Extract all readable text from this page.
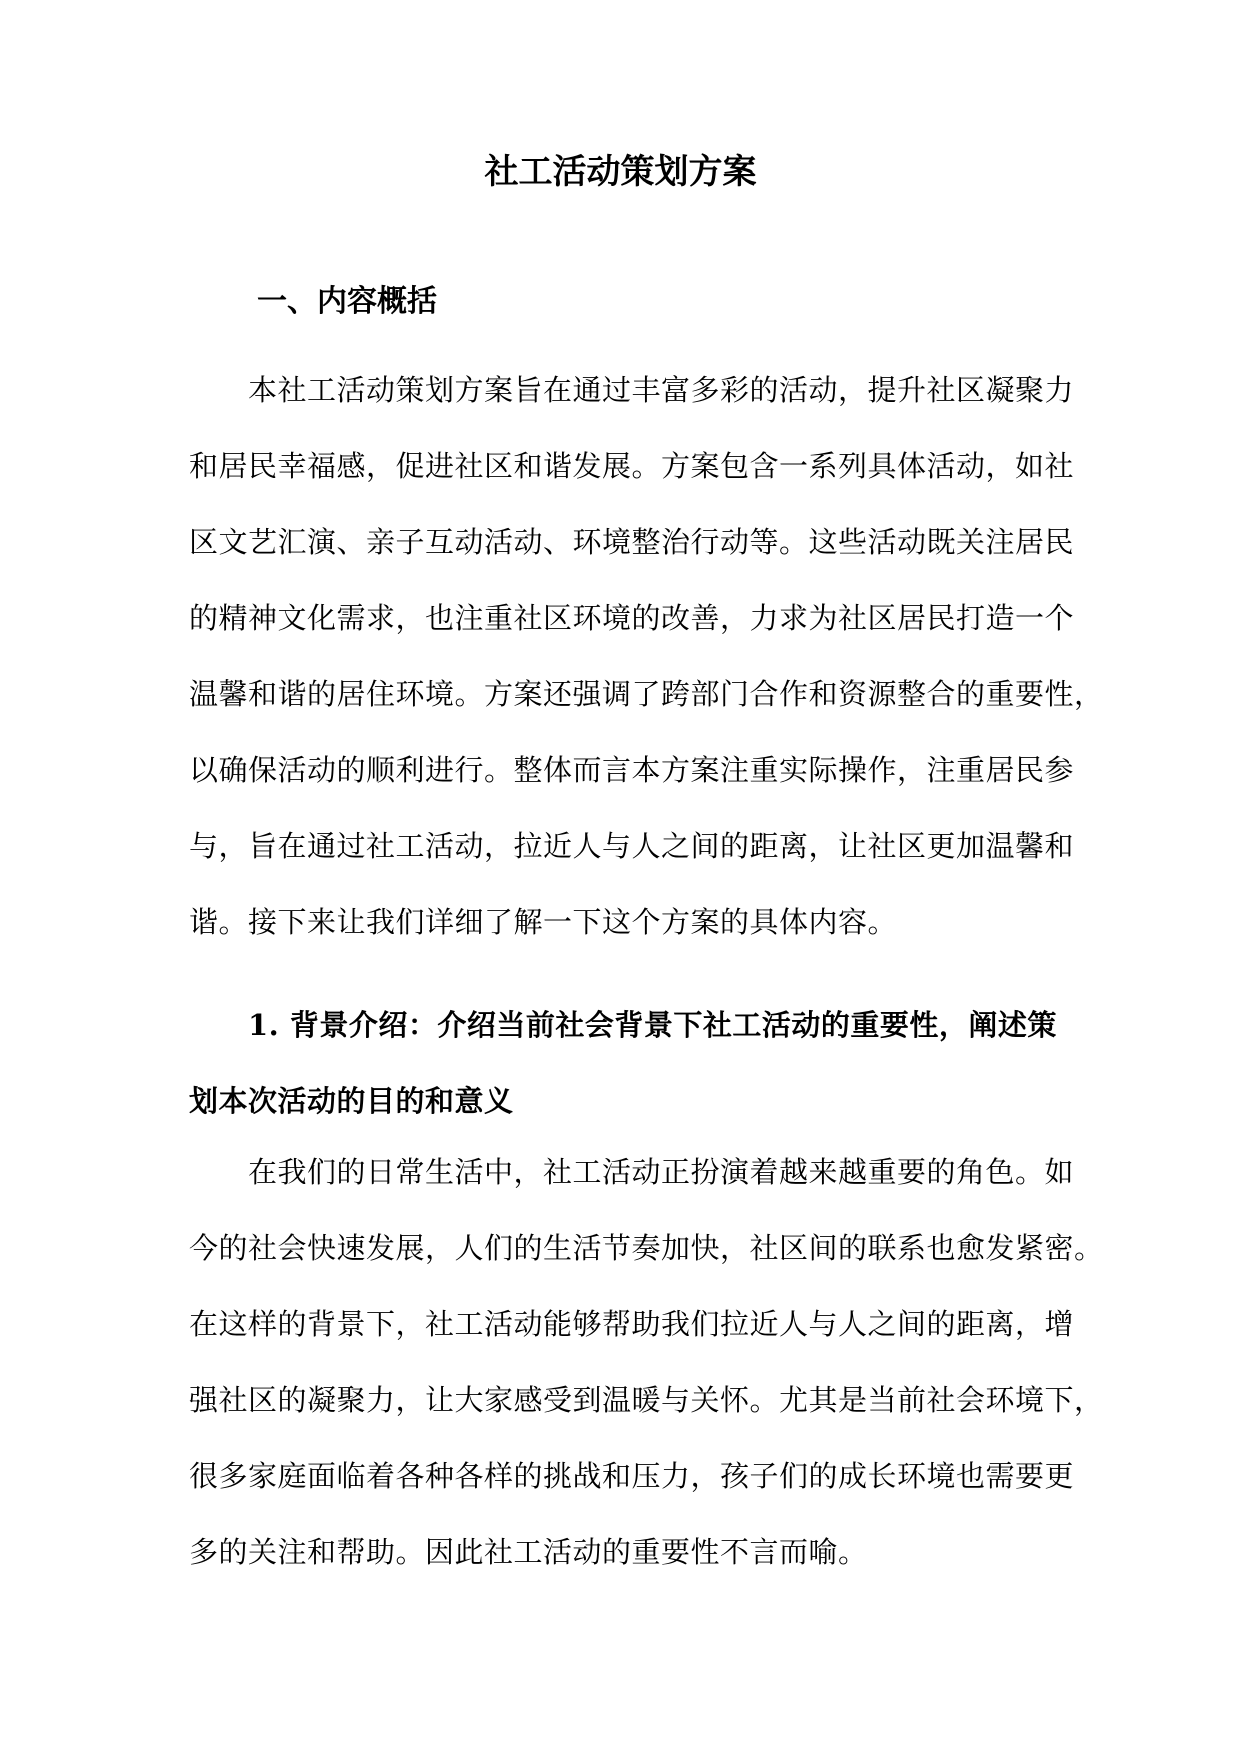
社工活动策划方案
一、内容概括
本社工活动策划方案旨在通过丰富多彩的活动，提升社区凝聚力
和居民幸福感，促进社区和谐发展。方案包含一系列具体活动，如社
区文艺汇演、亲子互动活动、环境整治行动等。这些活动既关注居民
的精神文化需求，也注重社区环境的改善，力求为社区居民打造一个
温馨和谐的居住环境。方案还强调了跨部门合作和资源整合的重要性，
以确保活动的顺利进行。整体而言本方案注重实际操作，注重居民参
与，旨在通过社工活动，拉近人与人之间的距离，让社区更加温馨和
谐。接下来让我们详细了解一下这个方案的具体内容。
1. 背景介绍：介绍当前社会背景下社工活动的重要性，阐述策
划本次活动的目的和意义
在我们的日常生活中，社工活动正扮演着越来越重要的角色。如
今的社会快速发展，人们的生活节奏加快，社区间的联系也愈发紧密。
在这样的背景下，社工活动能够帮助我们拉近人与人之间的距离，增
强社区的凝聚力，让大家感受到温暖与关怀。尤其是当前社会环境下，
很多家庭面临着各种各样的挑战和压力，孩子们的成长环境也需要更
多的关注和帮助。因此社工活动的重要性不言而喻。
